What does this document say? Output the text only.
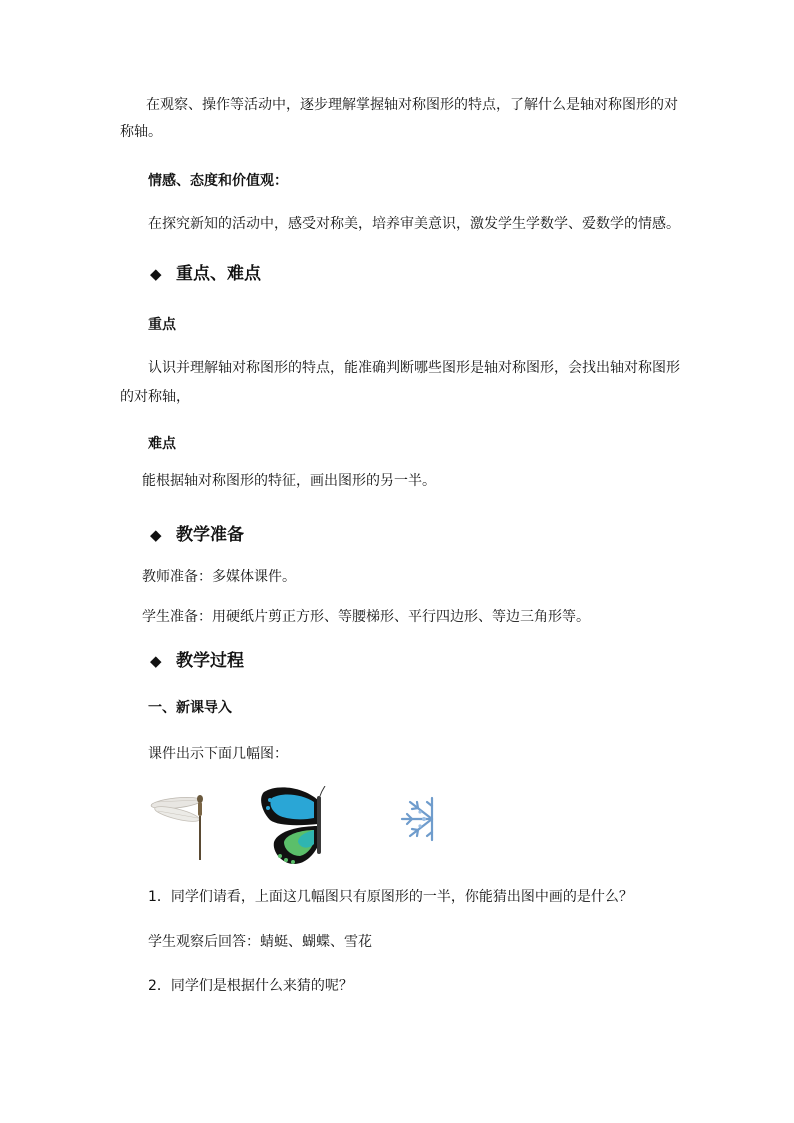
在观察、操作等活动中，逐步理解掌握轴对称图形的特点，了解什么是轴对称图形的对

称轴。

情感、态度和价值观：

在探究新知的活动中，感受对称美，培养审美意识，激发学生学数学、爱数学的情感。

◆ 重点、难点

重点

认识并理解轴对称图形的特点，能准确判断哪些图形是轴对称图形，会找出轴对称图形

的对称轴，

难点

能根据轴对称图形的特征，画出图形的另一半。

◆ 教学准备

教师准备：多媒体课件。

学生准备：用硬纸片剪正方形、等腰梯形、平行四边形、等边三角形等。

◆ 教学过程

一、新课导入

课件出示下面几幅图：

1．同学们请看，上面这几幅图只有原图形的一半，你能猜出图中画的是什么？

学生观察后回答：蜻蜓、蝴蝶、雪花

2．同学们是根据什么来猜的呢？
